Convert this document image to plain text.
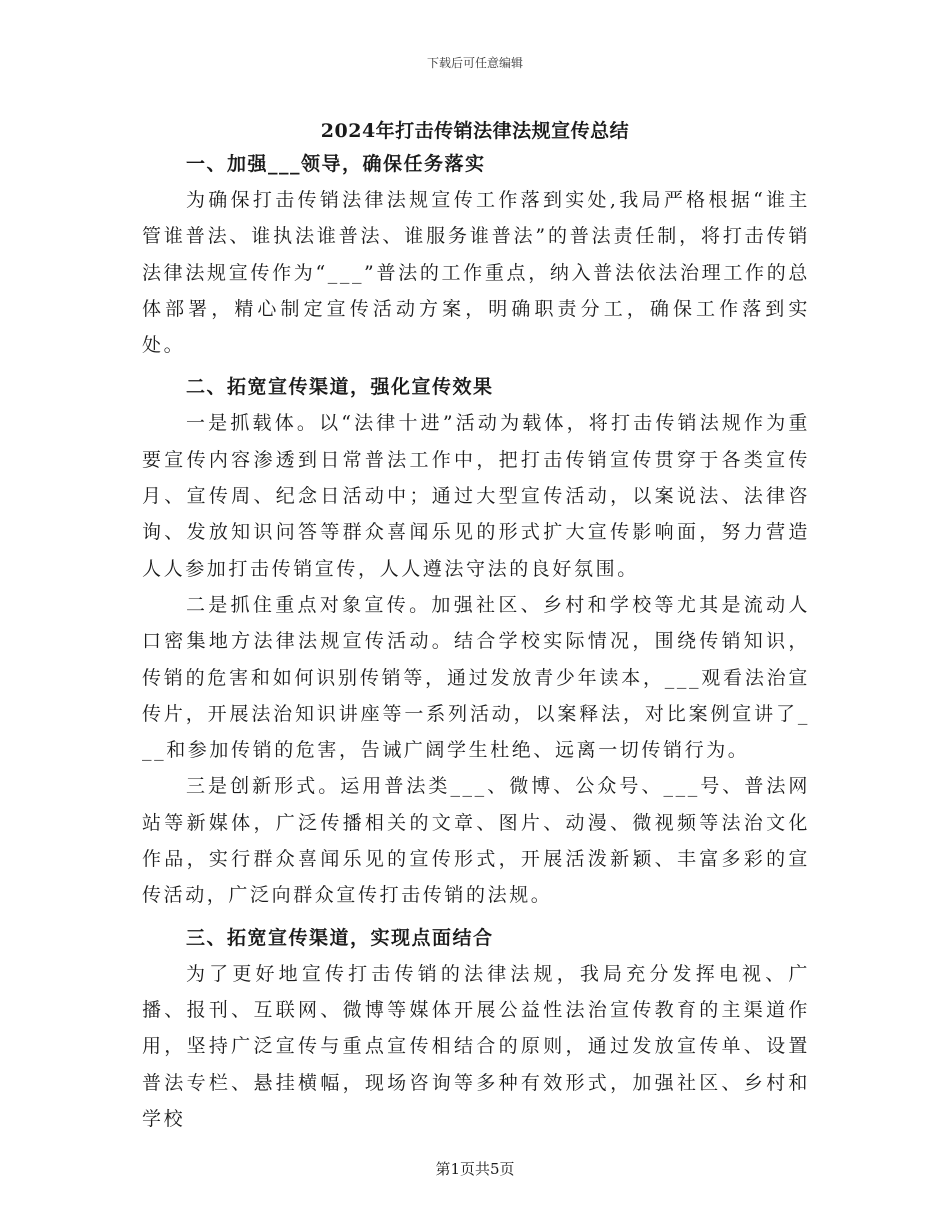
下载后可任意编辑
2024年打击传销法律法规宣传总结
一、加强___领导，确保任务落实

为确保打击传销法律法规宣传工作落到实处,我局严格根据“谁主管谁普法、谁执法谁普法、谁服务谁普法”的普法责任制，将打击传销法律法规宣传作为“___”普法的工作重点，纳入普法依法治理工作的总体部署，精心制定宣传活动方案，明确职责分工，确保工作落到实处。

二、拓宽宣传渠道，强化宣传效果

一是抓载体。以“法律十进”活动为载体，将打击传销法规作为重要宣传内容渗透到日常普法工作中，把打击传销宣传贯穿于各类宣传月、宣传周、纪念日活动中；通过大型宣传活动，以案说法、法律咨询、发放知识问答等群众喜闻乐见的形式扩大宣传影响面，努力营造人人参加打击传销宣传，人人遵法守法的良好氛围。

二是抓住重点对象宣传。加强社区、乡村和学校等尤其是流动人口密集地方法律法规宣传活动。结合学校实际情况，围绕传销知识，传销的危害和如何识别传销等，通过发放青少年读本，___观看法治宣传片，开展法治知识讲座等一系列活动，以案释法，对比案例宣讲了___和参加传销的危害，告诫广阔学生杜绝、远离一切传销行为。

三是创新形式。运用普法类___、微博、公众号、___号、普法网站等新媒体，广泛传播相关的文章、图片、动漫、微视频等法治文化作品，实行群众喜闻乐见的宣传形式，开展活泼新颖、丰富多彩的宣传活动，广泛向群众宣传打击传销的法规。

三、拓宽宣传渠道，实现点面结合

为了更好地宣传打击传销的法律法规，我局充分发挥电视、广播、报刊、互联网、微博等媒体开展公益性法治宣传教育的主渠道作用，坚持广泛宣传与重点宣传相结合的原则，通过发放宣传单、设置普法专栏、悬挂横幅，现场咨询等多种有效形式，加强社区、乡村和学校

第1页共5页
